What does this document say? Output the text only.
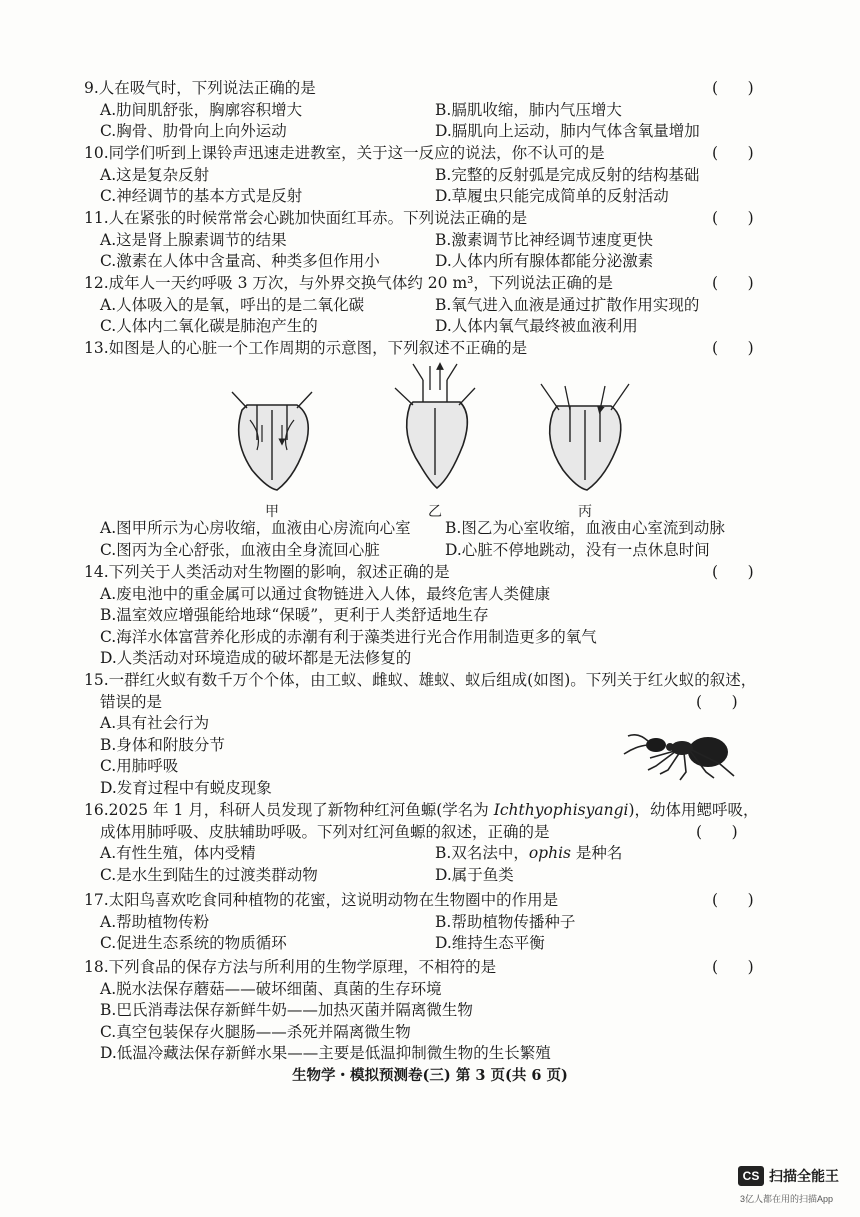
9.人在吸气时，下列说法正确的是	(      )
A.肋间肌舒张，胸廓容积增大	B.膈肌收缩，肺内气压增大
C.胸骨、肋骨向上向外运动	D.膈肌向上运动，肺内气体含氧量增加
10.同学们听到上课铃声迅速走进教室，关于这一反应的说法，你不认可的是	(      )
A.这是复杂反射	B.完整的反射弧是完成反射的结构基础
C.神经调节的基本方式是反射	D.草履虫只能完成简单的反射活动
11.人在紧张的时候常常会心跳加快面红耳赤。下列说法正确的是	(      )
A.这是肾上腺素调节的结果	B.激素调节比神经调节速度更快
C.激素在人体中含量高、种类多但作用小	D.人体内所有腺体都能分泌激素
12.成年人一天约呼吸 3 万次，与外界交换气体约 20 m³，下列说法正确的是	(      )
A.人体吸入的是氧，呼出的是二氧化碳	B.氧气进入血液是通过扩散作用实现的
C.人体内二氧化碳是肺泡产生的	D.人体内氧气最终被血液利用
13.如图是人的心脏一个工作周期的示意图，下列叙述不正确的是	(      )
甲	乙	丙
A.图甲所示为心房收缩，血液由心房流向心室	B.图乙为心室收缩，血液由心室流到动脉
C.图丙为全心舒张，血液由全身流回心脏	D.心脏不停地跳动，没有一点休息时间
14.下列关于人类活动对生物圈的影响，叙述正确的是	(      )
A.废电池中的重金属可以通过食物链进入人体，最终危害人类健康
B.温室效应增强能给地球“保暖”，更利于人类舒适地生存
C.海洋水体富营养化形成的赤潮有利于藻类进行光合作用制造更多的氧气
D.人类活动对环境造成的破坏都是无法修复的
15.一群红火蚁有数千万个个体，由工蚁、雌蚁、雄蚁、蚁后组成(如图)。下列关于红火蚁的叙述，
错误的是	(      )
A.具有社会行为
B.身体和附肢分节
C.用肺呼吸
D.发育过程中有蜕皮现象
16.2025 年 1 月，科研人员发现了新物种红河鱼螈(学名为 Ichthyophisyangi)，幼体用鳃呼吸，
成体用肺呼吸、皮肤辅助呼吸。下列对红河鱼螈的叙述，正确的是	(      )
A.有性生殖，体内受精	B.双名法中，ophis 是种名
C.是水生到陆生的过渡类群动物	D.属于鱼类
17.太阳鸟喜欢吃食同种植物的花蜜，这说明动物在生物圈中的作用是	(      )
A.帮助植物传粉	B.帮助植物传播种子
C.促进生态系统的物质循环	D.维持生态平衡
18.下列食品的保存方法与所利用的生物学原理，不相符的是	(      )
A.脱水法保存蘑菇——破坏细菌、真菌的生存环境
B.巴氏消毒法保存新鲜牛奶——加热灭菌并隔离微生物
C.真空包装保存火腿肠——杀死并隔离微生物
D.低温冷藏法保存新鲜水果——主要是低温抑制微生物的生长繁殖
生物学・模拟预测卷(三) 第 3 页(共 6 页)
CS 扫描全能王
3亿人都在用的扫描App
